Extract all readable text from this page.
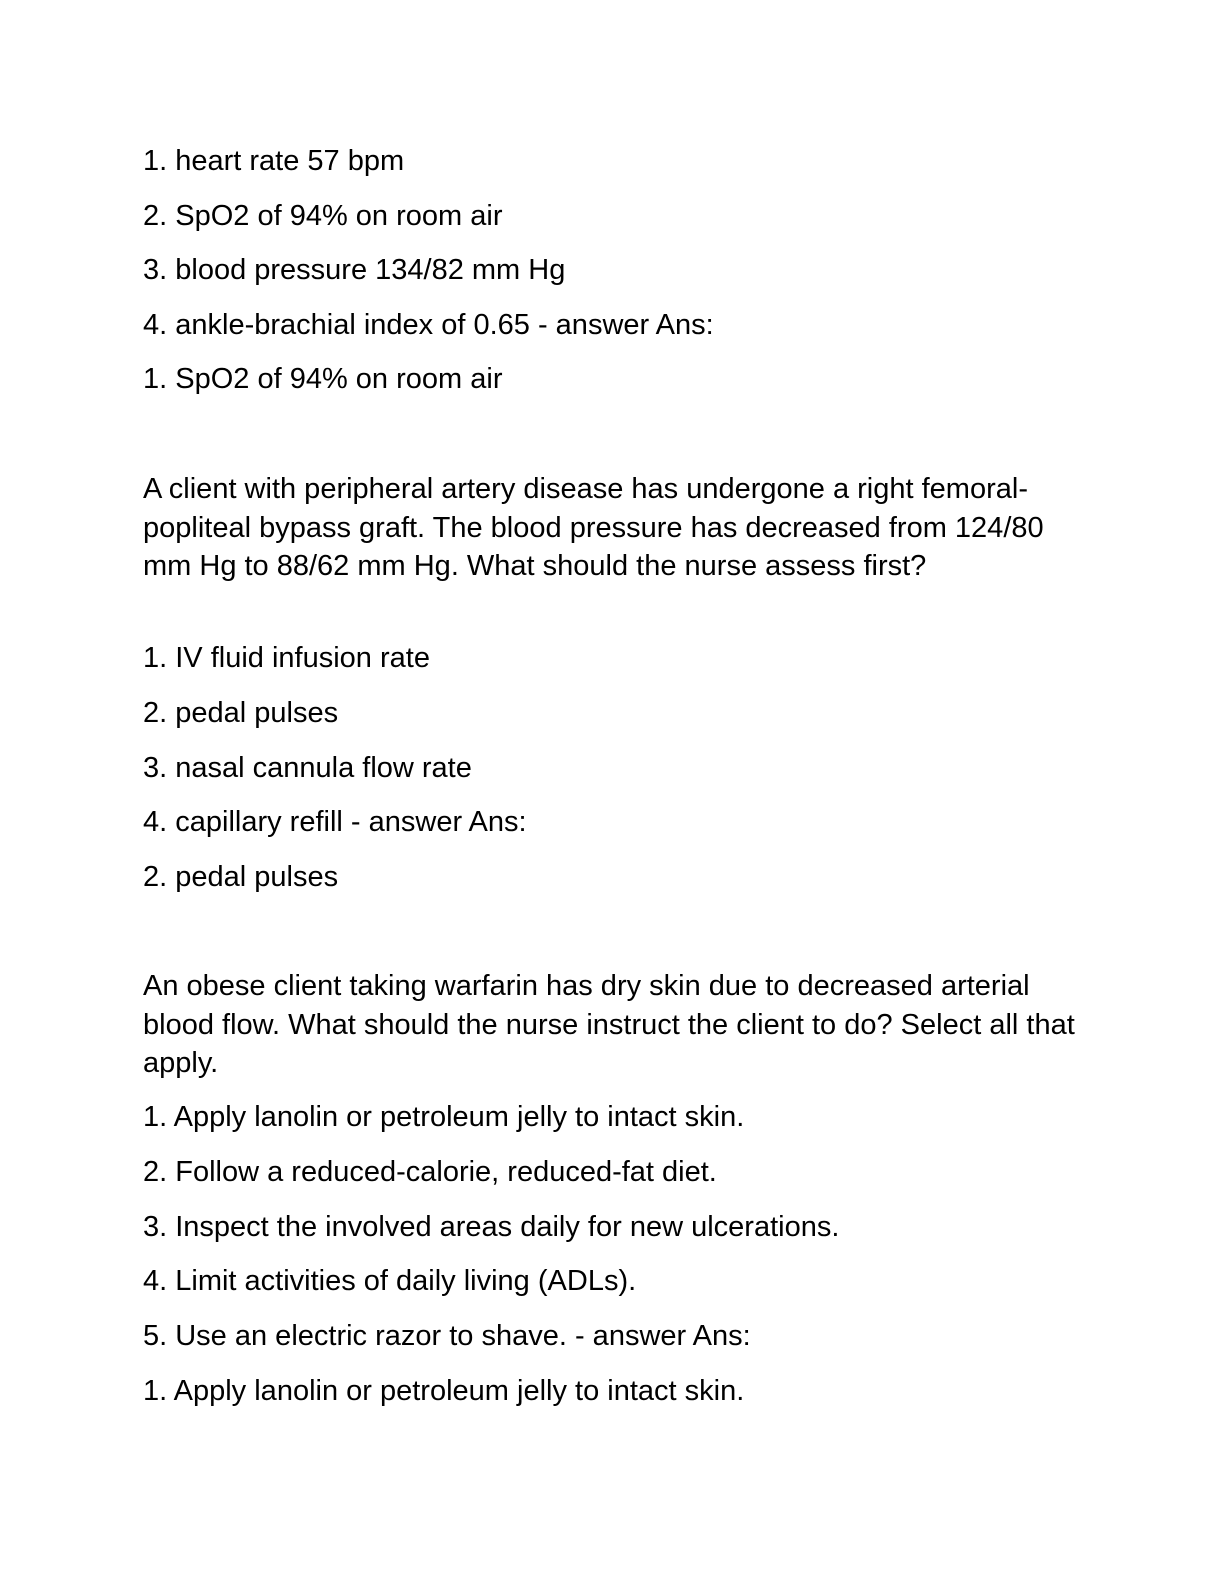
1. heart rate 57 bpm
2. SpO2 of 94% on room air
3. blood pressure 134/82 mm Hg
4. ankle-brachial index of 0.65 - answer Ans:
1. SpO2 of 94% on room air
A client with peripheral artery disease has undergone a right femoral-popliteal bypass graft. The blood pressure has decreased from 124/80 mm Hg to 88/62 mm Hg. What should the nurse assess first?
1. IV fluid infusion rate
2. pedal pulses
3. nasal cannula flow rate
4. capillary refill - answer Ans:
2. pedal pulses
An obese client taking warfarin has dry skin due to decreased arterial blood flow. What should the nurse instruct the client to do? Select all that apply.
1. Apply lanolin or petroleum jelly to intact skin.
2. Follow a reduced-calorie, reduced-fat diet.
3. Inspect the involved areas daily for new ulcerations.
4. Limit activities of daily living (ADLs).
5. Use an electric razor to shave. - answer Ans:
1. Apply lanolin or petroleum jelly to intact skin.
